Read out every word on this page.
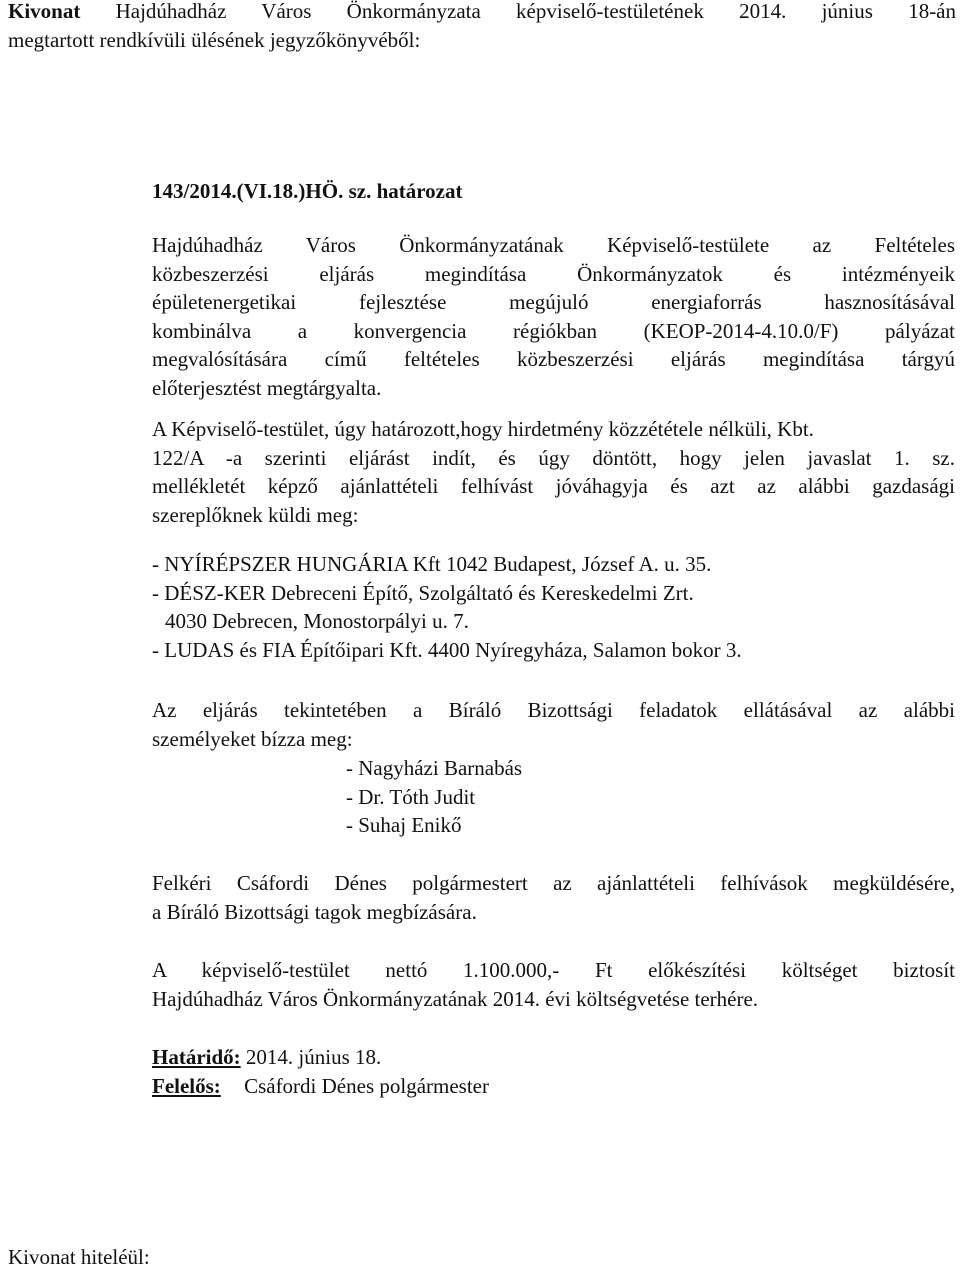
Kivonat Hajdúhadház Város Önkormányzata képviselő-testületének 2014. június 18-án
megtartott rendkívüli ülésének jegyzőkönyvéből:
143/2014.(VI.18.)HÖ. sz. határozat
Hajdúhadház Város Önkormányzatának Képviselő-testülete az Feltételes
közbeszerzési eljárás megindítása Önkormányzatok és intézményeik
épületenergetikai fejlesztése megújuló energiaforrás hasznosításával
kombinálva a konvergencia régiókban (KEOP-2014-4.10.0/F) pályázat
megvalósítására című feltételes közbeszerzési eljárás megindítása tárgyú
előterjesztést megtárgyalta.
A Képviselő-testület, úgy határozott,hogy hirdetmény közzététele nélküli, Kbt.
122/A -a szerinti eljárást indít, és úgy döntött, hogy jelen javaslat 1. sz.
mellékletét képző ajánlattételi felhívást jóváhagyja és azt az alábbi gazdasági
szereplőknek küldi meg:
- NYÍRÉPSZER HUNGÁRIA Kft 1042 Budapest, József A. u. 35.
- DÉSZ-KER Debreceni Építő, Szolgáltató és Kereskedelmi Zrt.
4030 Debrecen, Monostorpályi u. 7.
- LUDAS és FIA Építőipari Kft. 4400 Nyíregyháza, Salamon bokor 3.
Az eljárás tekintetében a Bíráló Bizottsági feladatok ellátásával az alábbi
személyeket bízza meg:
- Nagyházi Barnabás
- Dr. Tóth Judit
- Suhaj Enikő
Felkéri Csáfordi Dénes polgármestert az ajánlattételi felhívások megküldésére,
a Bíráló Bizottsági tagok megbízására.
A képviselő-testület nettó 1.100.000,- Ft előkészítési költséget biztosít
Hajdúhadház Város Önkormányzatának 2014. évi költségvetése terhére.
Határidő: 2014. június 18.
Felelős: Csáfordi Dénes polgármester
Kivonat hiteléül:
